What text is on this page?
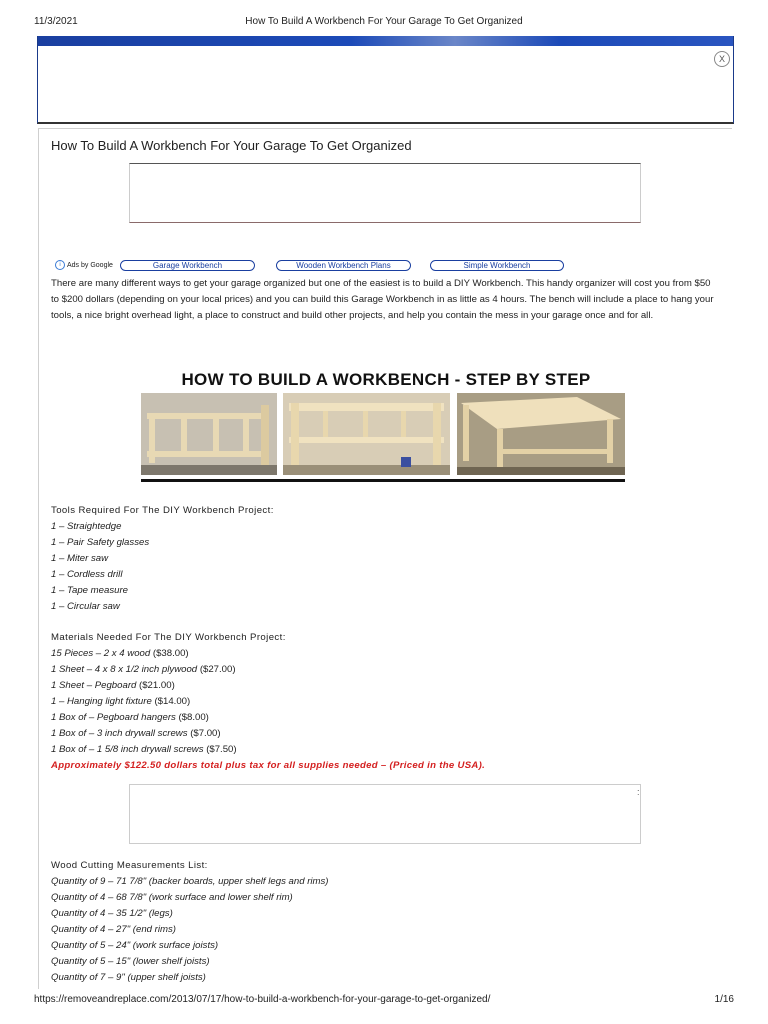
11/3/2021	How To Build A Workbench For Your Garage To Get Organized
X
How To Build A Workbench For Your Garage To Get Organized
i Ads by Google	Garage Workbench	Wooden Workbench Plans	Simple Workbench

There are many different ways to get your garage organized but one of the easiest is to build a DIY Workbench. This handy organizer will cost you from $50 to $200 dollars (depending on your local prices) and you can build this Garage Workbench in as little as 4 hours. The bench will include a place to hang your tools, a nice bright overhead light, a place to construct and build other projects, and help you contain the mess in your garage once and for all.

HOW TO BUILD A WORKBENCH - STEP BY STEP
Tools Required For The DIY Workbench Project:
1 – Straightedge
1 – Pair Safety glasses
1 – Miter saw
1 – Cordless drill
1 – Tape measure
1 – Circular saw
Materials Needed For The DIY Workbench Project:
15 Pieces – 2 x 4 wood ($38.00)
1 Sheet – 4 x 8 x 1/2 inch plywood ($27.00)
1 Sheet – Pegboard ($21.00)
1 – Hanging light fixture ($14.00)
1 Box of – Pegboard hangers ($8.00)
1 Box of – 3 inch drywall screws ($7.00)
1 Box of – 1 5/8 inch drywall screws ($7.50)
Approximately $122.50 dollars total plus tax for all supplies needed – (Priced in the USA).
:
Wood Cutting Measurements List:
Quantity of 9 – 71 7/8" (backer boards, upper shelf legs and rims)
Quantity of 4 – 68 7/8" (work surface and lower shelf rim)
Quantity of 4 – 35 1/2" (legs)
Quantity of 4 – 27" (end rims)
Quantity of 5 – 24" (work surface joists)
Quantity of 5 – 15" (lower shelf joists)
Quantity of 7 – 9" (upper shelf joists)
https://removeandreplace.com/2013/07/17/how-to-build-a-workbench-for-your-garage-to-get-organized/	1/16
